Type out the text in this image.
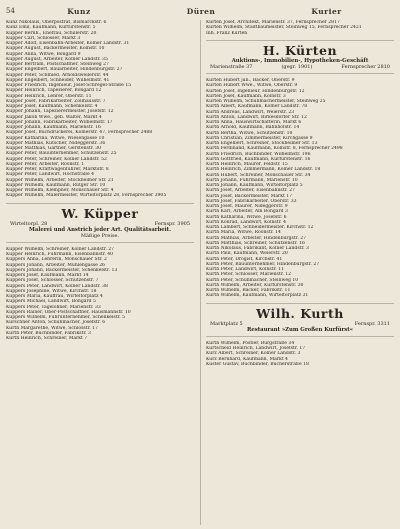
54	Kunz	Düren	Kurier

Kunz Nikolaus, Oberpostrat, Bismarckstr. 6

Kunz Emil, Kaufmann, Kurfürstenstr. 5

Küpper Bernh., Ehefrau, Schillerstr. 20

Küpper Carl, Schlosser, Markt 3

Küpper Adolf, Eisenbahn-Arbeiter, Kölner Landstr. 31

Küpper August, Bäckermeister, Kölnstr. 10

Küpper Anna, Witwe, Bongard 9

Küpper August, Arbeiter, Kölner Landstr. 35

Küpper Bertram, Postschaffner, Steinweg 27

Küpper Engelbert, Bauarbeiter, Hindenburgstr. 27

Küpper Peter, Schmied, Arnoldsweilerstr. 44

Küpper Engelbert, Schneider, Wilhelmstr. 41

Küpper Friedrich, Ingenieur, Josef-Schregel-Straße 15

Küpper Heinrich, Tapezierer, Bongard 12

Küpper Heinrich, Lehrer, Oberstr. 11

Küpper Josef, Fabrikarbeiter, Zollhausstr. 7

Küpper Josef, Kaufmann, Schenkelstr. 4

Küpper Johann, Tapezierermeister, Josefstr. 12

Küpper Jakob Wwe., geb. Walter, Markt 4

Küpper Johann, Fabrikarbeiter, Wilhelmstr. 17

Küpper Johann, Kaufmann, Marienstr. 16

Küpper Josef, Buchdruckerei, Kölnerstr. 47, Fernsprecher 2488

Küpper Katharina, Witwe, Wiesengasse 10

Küpper Mathias, Kutscher, Nideggerstr. 36

Küpper Matthias, Gärtner, Gerstenstr. 30

Küpper Peter, Bauunternehmer, Schützenstr. 25

Küpper Peter, Schreiner, Kölner Landstr. 52

Küpper Peter, Arbeiter, Roonstr. 1

Küpper Peter, Kraftwagenführer, Marktstr. 8

Küpper Peter, Landwirt, Hochstraße 4

Küpper Wilhelm, Arbeiter, Stockheimer Str. 21

Küpper Wilhelm, Kaufmann, Rütger Str. 10

Küpper Wilhelm, Klempner, Monschauer Str. 4

Küpper Wilhelm, Malermeister, Wirteltorplatz 28, Fernsprecher 3905

W. Küpper
Wirteltorpl. 28	Fernspr. 3905
Malerei und Anstrich jeder Art. Qualitätsarbeit.
Mäßige Preise.

Küpper Wilhelm, Schreiner, Kölner Landstr. 27

Küpper Heinrich, Fuhrmann, Eisenbahnstr. 40

Küppers Anna, Lehrerin, Monschauer Str. 2

Küppers Johann, Arbeiter, Mühlengasse 26

Küppers Johann, Bäckermeister, Schenkelstr. 13

Küppers Josef, Kaufmann, Markt 14

Küppers Josef, Schlosser, Schützenstr. 7

Küppers Peter, Landwirt, Kölner Landstr. 38

Küppers Josephine, Witwe, Kirchstr. 18

Küppers Maria, Kauffrau, Wirteltorplatz 4

Küppers Michael, Landwirt, Bongard 5

Küppers Peter, Tagelöhner, Marienstr. 33

Küppers Rainer, Ober-Postschaffner, Hausmannstr. 10

Küppers Wilhelm, Fuhrunternehmer, Schenkelstr. 5

Kürschner Anton, Schuhmacher, Josefstr. 6

Kurth Margarethe, Witwe, Schlosstr. 17

Kurth Peter, Buchbinder, Fabrikstr. 3

Kurth Heinrich, Schreiner, Markt 7

Kürten Josef, Architekt, Marienstr. 37, Fernsprecher 2817

Kürten Wilhelm, Stadtbaumeister, Steinweg 15, Fernsprecher 2421

Inh. Franz Kürten

H. Kürten
Auktions-, Immobilien-, Hypotheken-Geschäft
Marienstraße 37	(gegr. 1901)	Fernsprecher 2810

Kürten Hubert jun., Bäcker, Oberstr. 9

Kürten Hubert Wwe., Witwe, Oberstr. 9

Kürten Josef, Ingenieur, Hindenburgstr. 12

Kürten Josef, Kaufmann, Kölnstr. 3

Kürten Wilhelm, Schuhmachermeister, Steinweg 25

Kurth Albert, Kaufmann, Kölner Landstr. 78

Kurth Andreas, Landwirt, Weierstr. 23

Kurth Anton, Landwirt, Birkesdorfer Str. 12

Kurth Anna, Hauswirtschafterin, Markt 6

Kurth Arnold, Kaufmann, Bahnhofstr. 14

Kurth Bertha, Witwe, Schützenstr. 10

Kurth Christian, Zimmermeister, Kirchgasse 9

Kurth Engelbert, Schreiner, Stockheimer Str. 13

Kurth Ferdinand, Kaufmann, Kölnstr. 8, Fernsprecher 2498

Kurth Friedrich, Buchbinder, Wilhelmstr. 196

Kurth Gottfried, Kaufmann, Kurfürstenstr. 16

Kurth Heinrich, Maurer, Feldstr. 15

Kurth Heinrich, Zimmermann, Kölner Landstr. 18

Kurth Hubert, Schreiner, Monschauer Str. 34

Kurth Johann, Fuhrmann, Marienstr. 10

Kurth Johann, Kaufmann, Wirteltorplatz 5

Kurth Josef, Arbeiter, Eisenbahnstr. 27

Kurth Josef, Bäckermeister, Markt 17

Kurth Josef, Fabrikarbeiter, Oberstr. 33

Kurth Josef, Maurer, Nideggerstr. 9

Kurth Karl, Arbeiter, Am Bongard 3

Kurth Katharina, Witwe, Josefstr. 6

Kurth Konrad, Landwirt, Kölnstr. 4

Kurth Lambert, Schneidermeister, Kirchstr. 12

Kurth Maria, Witwe, Roonstr. 14

Kurth Mathias, Arbeiter, Hindenburgstr. 27

Kurth Matthias, Schreiner, Schützenstr. 16

Kurth Nikolaus, Fabrikant, Kölner Landstr. 3

Kurth Paul, Kaufmann, Weierstr. 20

Kurth Peter, Drogist, Kirchstr. 41

Kurth Peter, Bauunternehmer, Hindenburgstr. 27

Kurth Peter, Landwirt, Kölnstr. 11

Kurth Peter, Schlosser, Marienstr. 12

Kurth Peter, Schuhmacher, Steinweg 10

Kurth Wilhelm, Arbeiter, Kurfürstenstr. 30

Kurth Wilhelm, Bäcker, Fabrikstr. 11

Kurth Wilhelm, Kaufmann, Wirteltorplatz 31

Wilh. Kurth
Marktplatz 5	Fernspr. 3311
Restaurant »Zum Großen Kurfürst«

Kurth Wilhelm, Postler, Burgstraße 34

Kurtscheid Heinrich, Landwirt, Josefstr. 17

Kurz Albert, Schreiner, Kölner Landstr. 3

Kurz Bernhard, Kaufmann, Markt 4

Kuster Gustav, Buchbinder, Bücherstraße 18
